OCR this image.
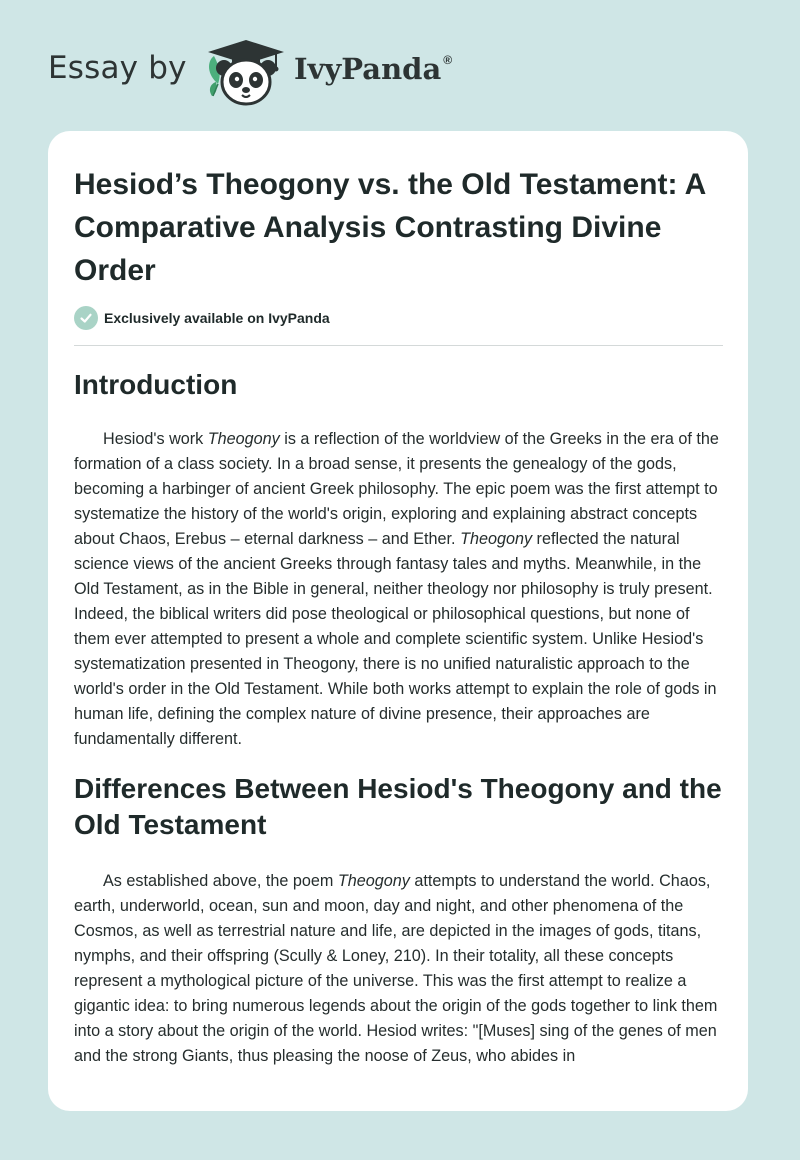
Essay by	IvyPanda ®
Hesiod’s Theogony vs. the Old Testament: A Comparative Analysis Contrasting Divine Order
Exclusively available on IvyPanda
Introduction

Hesiod's work Theogony is a reflection of the worldview of the Greeks in the era of the formation of a class society. In a broad sense, it presents the genealogy of the gods, becoming a harbinger of ancient Greek philosophy. The epic poem was the first attempt to systematize the history of the world's origin, exploring and explaining abstract concepts about Chaos, Erebus – eternal darkness – and Ether. Theogony reflected the natural science views of the ancient Greeks through fantasy tales and myths. Meanwhile, in the Old Testament, as in the Bible in general, neither theology nor philosophy is truly present. Indeed, the biblical writers did pose theological or philosophical questions, but none of them ever attempted to present a whole and complete scientific system. Unlike Hesiod's systematization presented in Theogony, there is no unified naturalistic approach to the world's order in the Old Testament. While both works attempt to explain the role of gods in human life, defining the complex nature of divine presence, their approaches are fundamentally different.

Differences Between Hesiod's Theogony and the Old Testament

As established above, the poem Theogony attempts to understand the world. Chaos, earth, underworld, ocean, sun and moon, day and night, and other phenomena of the Cosmos, as well as terrestrial nature and life, are depicted in the images of gods, titans, nymphs, and their offspring (Scully & Loney, 210). In their totality, all these concepts represent a mythological picture of the universe. This was the first attempt to realize a gigantic idea: to bring numerous legends about the origin of the gods together to link them into a story about the origin of the world. Hesiod writes: "[Muses] sing of the genes of men and the strong Giants, thus pleasing the noose of Zeus, who abides in
